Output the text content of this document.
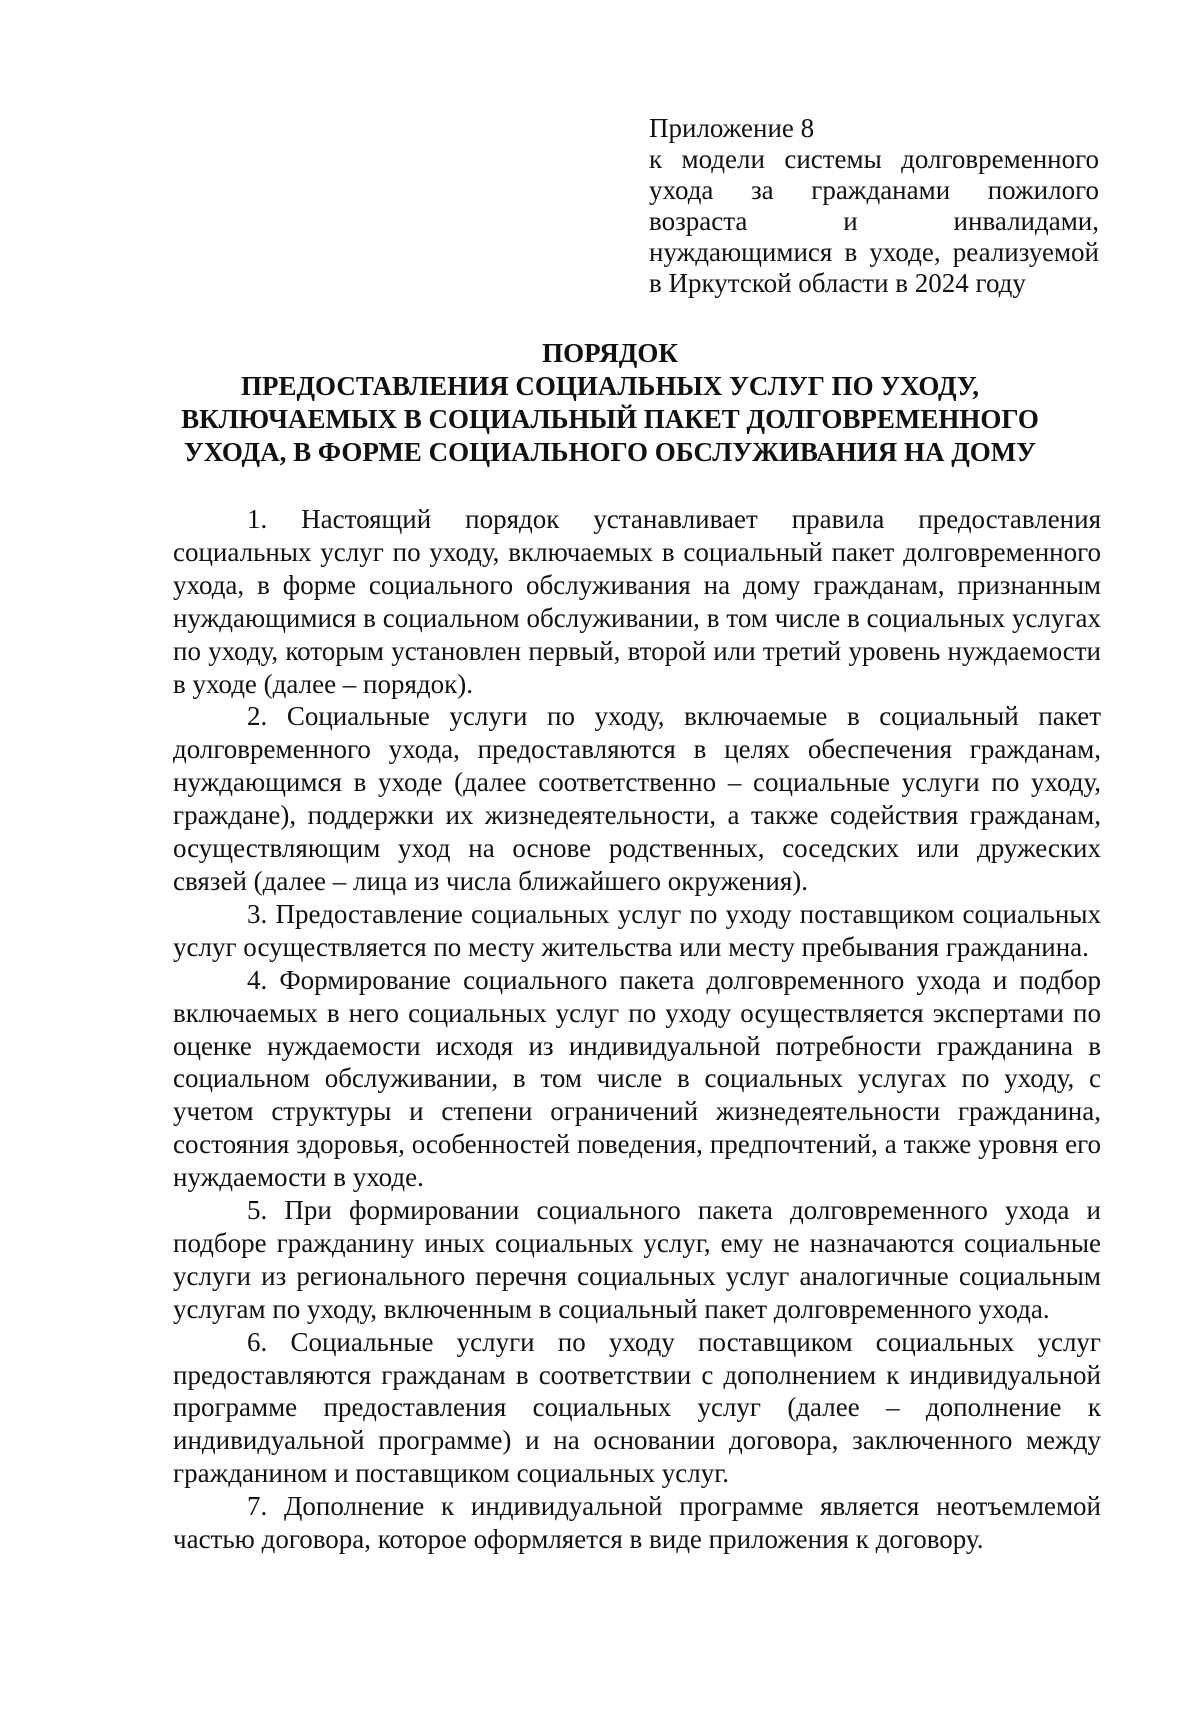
Приложение 8

к модели системы долговременного ухода за гражданами пожилого возраста и инвалидами, нуждающимися в уходе, реализуемой в Иркутской области в 2024 году

ПОРЯДОК
ПРЕДОСТАВЛЕНИЯ СОЦИАЛЬНЫХ УСЛУГ ПО УХОДУ,
ВКЛЮЧАЕМЫХ В СОЦИАЛЬНЫЙ ПАКЕТ ДОЛГОВРЕМЕННОГО
УХОДА, В ФОРМЕ СОЦИАЛЬНОГО ОБСЛУЖИВАНИЯ НА ДОМУ

1. Настоящий порядок устанавливает правила предоставления социальных услуг по уходу, включаемых в социальный пакет долговременного ухода, в форме социального обслуживания на дому гражданам, признанным нуждающимися в социальном обслуживании, в том числе в социальных услугах по уходу, которым установлен первый, второй или третий уровень нуждаемости в уходе (далее – порядок).

2. Социальные услуги по уходу, включаемые в социальный пакет долговременного ухода, предоставляются в целях обеспечения гражданам, нуждающимся в уходе (далее соответственно – социальные услуги по уходу, граждане), поддержки их жизнедеятельности, а также содействия гражданам, осуществляющим уход на основе родственных, соседских или дружеских связей (далее – лица из числа ближайшего окружения).

3. Предоставление социальных услуг по уходу поставщиком социальных услуг осуществляется по месту жительства или месту пребывания гражданина.

4. Формирование социального пакета долговременного ухода и подбор включаемых в него социальных услуг по уходу осуществляется экспертами по оценке нуждаемости исходя из индивидуальной потребности гражданина в социальном обслуживании, в том числе в социальных услугах по уходу, с учетом структуры и степени ограничений жизнедеятельности гражданина, состояния здоровья, особенностей поведения, предпочтений, а также уровня его нуждаемости в уходе.

5. При формировании социального пакета долговременного ухода и подборе гражданину иных социальных услуг, ему не назначаются социальные услуги из регионального перечня социальных услуг аналогичные социальным услугам по уходу, включенным в социальный пакет долговременного ухода.

6. Социальные услуги по уходу поставщиком социальных услуг предоставляются гражданам в соответствии с дополнением к индивидуальной программе предоставления социальных услуг (далее – дополнение к индивидуальной программе) и на основании договора, заключенного между гражданином и поставщиком социальных услуг.

7. Дополнение к индивидуальной программе является неотъемлемой частью договора, которое оформляется в виде приложения к договору.
